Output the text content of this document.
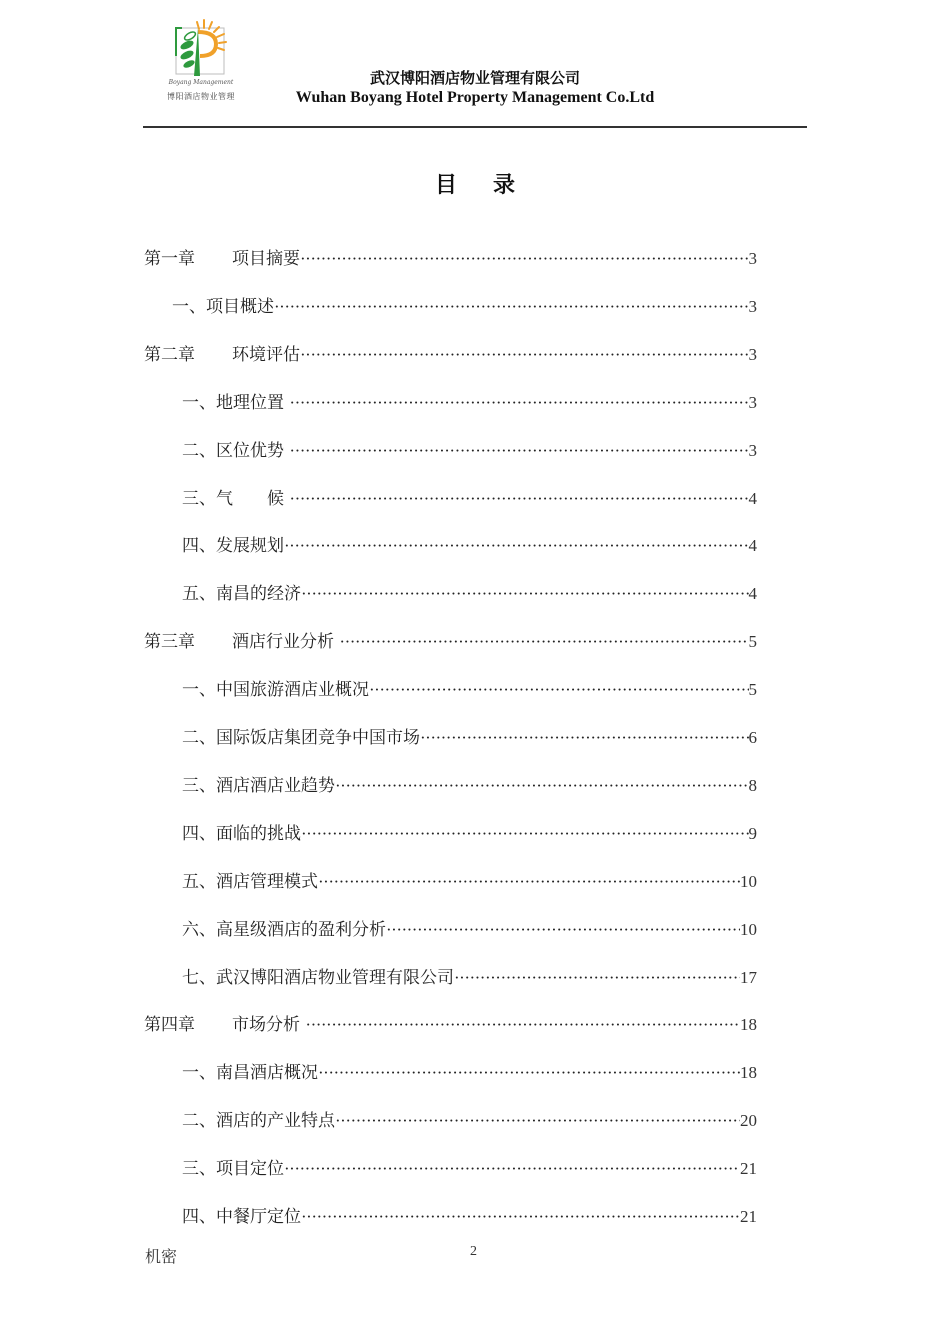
Boyang Management
博阳酒店物业管理
武汉博阳酒店物业管理有限公司
Wuhan Boyang Hotel Property Management Co.Ltd
目录
第一章 项目摘要 ·····	3
一、项目概述 ·····	3
第二章 环境评估 ·····	3
一、地理位置 ·····	3
二、区位优势 ·····	3
三、气　　候 ·····	4
四、发展规划 ·····	4
五、南昌的经济 ·····	4
第三章 酒店行业分析 ·····	5
一、中国旅游酒店业概况 ·····	5
二、国际饭店集团竞争中国市场 ·····	6
三、酒店酒店业趋势 ·····	8
四、面临的挑战 ·····	9
五、酒店管理模式 ·····	10
六、高星级酒店的盈利分析 ·····	10
七、武汉博阳酒店物业管理有限公司 ·····	17
第四章 市场分析 ·····	18
一、南昌酒店概况 ·····	18
二、酒店的产业特点 ·····	20
三、项目定位 ·····	21
四、中餐厅定位 ·····	21
机密	2
